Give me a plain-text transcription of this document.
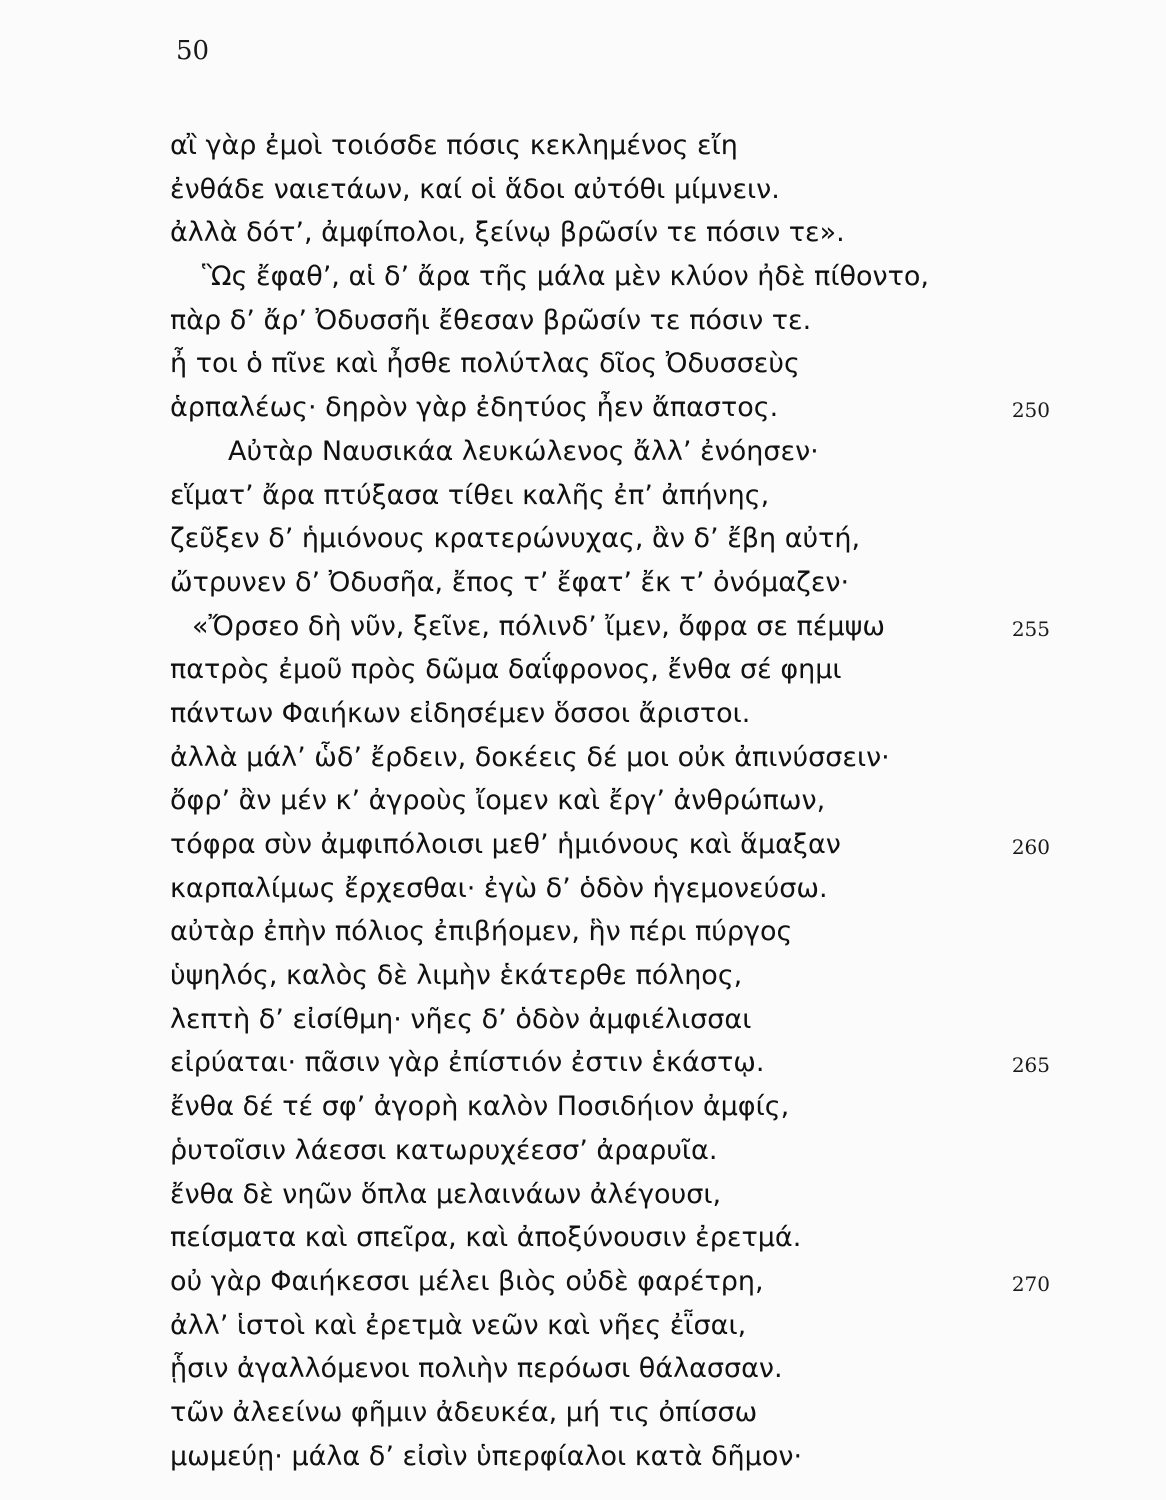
50
αἲ γὰρ ἐμοὶ τοιόσδε πόσις κεκλημένος εἴη
ἐνθάδε ναιετάων, καί οἱ ἅδοι αὐτόθι μίμνειν.
ἀλλὰ δότ’, ἀμφίπολοι, ξείνῳ βρῶσίν τε πόσιν τε».
Ὣς ἔφαθ’, αἱ δ’ ἄρα τῆς μάλα μὲν κλύον ἠδὲ πίθοντο,
πὰρ δ’ ἄρ’ Ὀδυσσῆι ἔθεσαν βρῶσίν τε πόσιν τε.
ἦ τοι ὁ πῖνε καὶ ἦσθε πολύτλας δῖος Ὀδυσσεὺς
ἁρπαλέως· δηρὸν γὰρ ἐδητύος ἦεν ἄπαστος.	250
Αὐτὰρ Ναυσικάα λευκώλενος ἄλλ’ ἐνόησεν·
εἵματ’ ἄρα πτύξασα τίθει καλῆς ἐπ’ ἀπήνης,
ζεῦξεν δ’ ἡμιόνους κρατερώνυχας, ἂν δ’ ἔβη αὐτή,
ὤτρυνεν δ’ Ὀδυσῆα, ἔπος τ’ ἔφατ’ ἔκ τ’ ὀνόμαζεν·
«Ὄρσεο δὴ νῦν, ξεῖνε, πόλινδ’ ἴμεν, ὄφρα σε πέμψω	255
πατρὸς ἐμοῦ πρὸς δῶμα δαΐφρονος, ἔνθα σέ φημι
πάντων Φαιήκων εἰδησέμεν ὅσσοι ἄριστοι.
ἀλλὰ μάλ’ ὧδ’ ἔρδειν, δοκέεις δέ μοι οὐκ ἀπινύσσειν·
ὄφρ’ ἂν μέν κ’ ἀγροὺς ἴομεν καὶ ἔργ’ ἀνθρώπων,
τόφρα σὺν ἀμφιπόλοισι μεθ’ ἡμιόνους καὶ ἅμαξαν	260
καρπαλίμως ἔρχεσθαι· ἐγὼ δ’ ὁδὸν ἡγεμονεύσω.
αὐτὰρ ἐπὴν πόλιος ἐπιβήομεν, ἣν πέρι πύργος
ὑψηλός, καλὸς δὲ λιμὴν ἑκάτερθε πόληος,
λεπτὴ δ’ εἰσίθμη· νῆες δ’ ὁδὸν ἀμφιέλισσαι
εἰρύαται· πᾶσιν γὰρ ἐπίστιόν ἐστιν ἑκάστῳ.	265
ἔνθα δέ τέ σφ’ ἀγορὴ καλὸν Ποσιδήιον ἀμφίς,
ῥυτοῖσιν λάεσσι κατωρυχέεσσ’ ἀραρυῖα.
ἔνθα δὲ νηῶν ὅπλα μελαινάων ἀλέγουσι,
πείσματα καὶ σπεῖρα, καὶ ἀποξύνουσιν ἐρετμά.
οὐ γὰρ Φαιήκεσσι μέλει βιὸς οὐδὲ φαρέτρη,	270
ἀλλ’ ἱστοὶ καὶ ἐρετμὰ νεῶν καὶ νῆες ἐῗσαι,
ᾗσιν ἀγαλλόμενοι πολιὴν περόωσι θάλασσαν.
τῶν ἀλεείνω φῆμιν ἀδευκέα, μή τις ὀπίσσω
μωμεύῃ· μάλα δ’ εἰσὶν ὑπερφίαλοι κατὰ δῆμον·
